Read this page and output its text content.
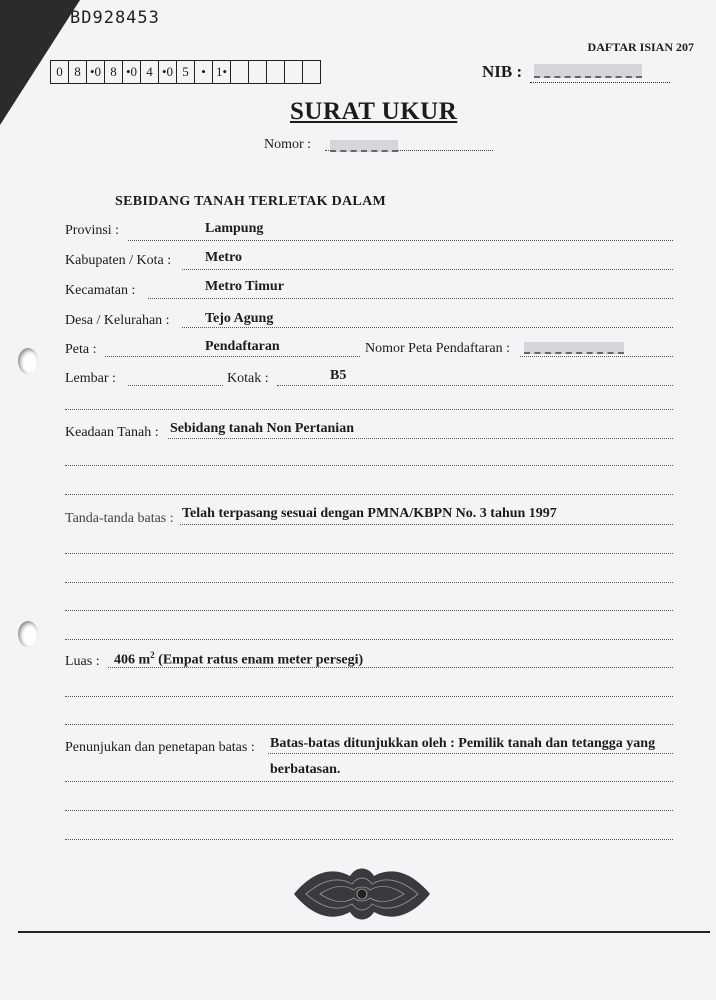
BD928453
DAFTAR ISIAN 207
0 8 •0 8 •0 4 •0 5 • 1•	NIB :
SURAT UKUR
Nomor :
SEBIDANG TANAH TERLETAK DALAM
Provinsi :	Lampung
Kabupaten / Kota : Metro
Kecamatan :	Metro Timur
Desa / Kelurahan :	Tejo Agung
Peta :	Pendaftaran	Nomor Peta Pendaftaran :
Lembar :	Kotak :	B5
Keadaan Tanah : Sebidang tanah Non Pertanian
Tanda-tanda batas : Telah terpasang sesuai dengan PMNA/KBPN No. 3 tahun 1997
Luas : 406 $m^2$ (Empat ratus enam meter persegi)
Penunjukan dan penetapan batas : Batas-batas ditunjukkan oleh : Pemilik tanah dan tetangga yang
berbatasan.
